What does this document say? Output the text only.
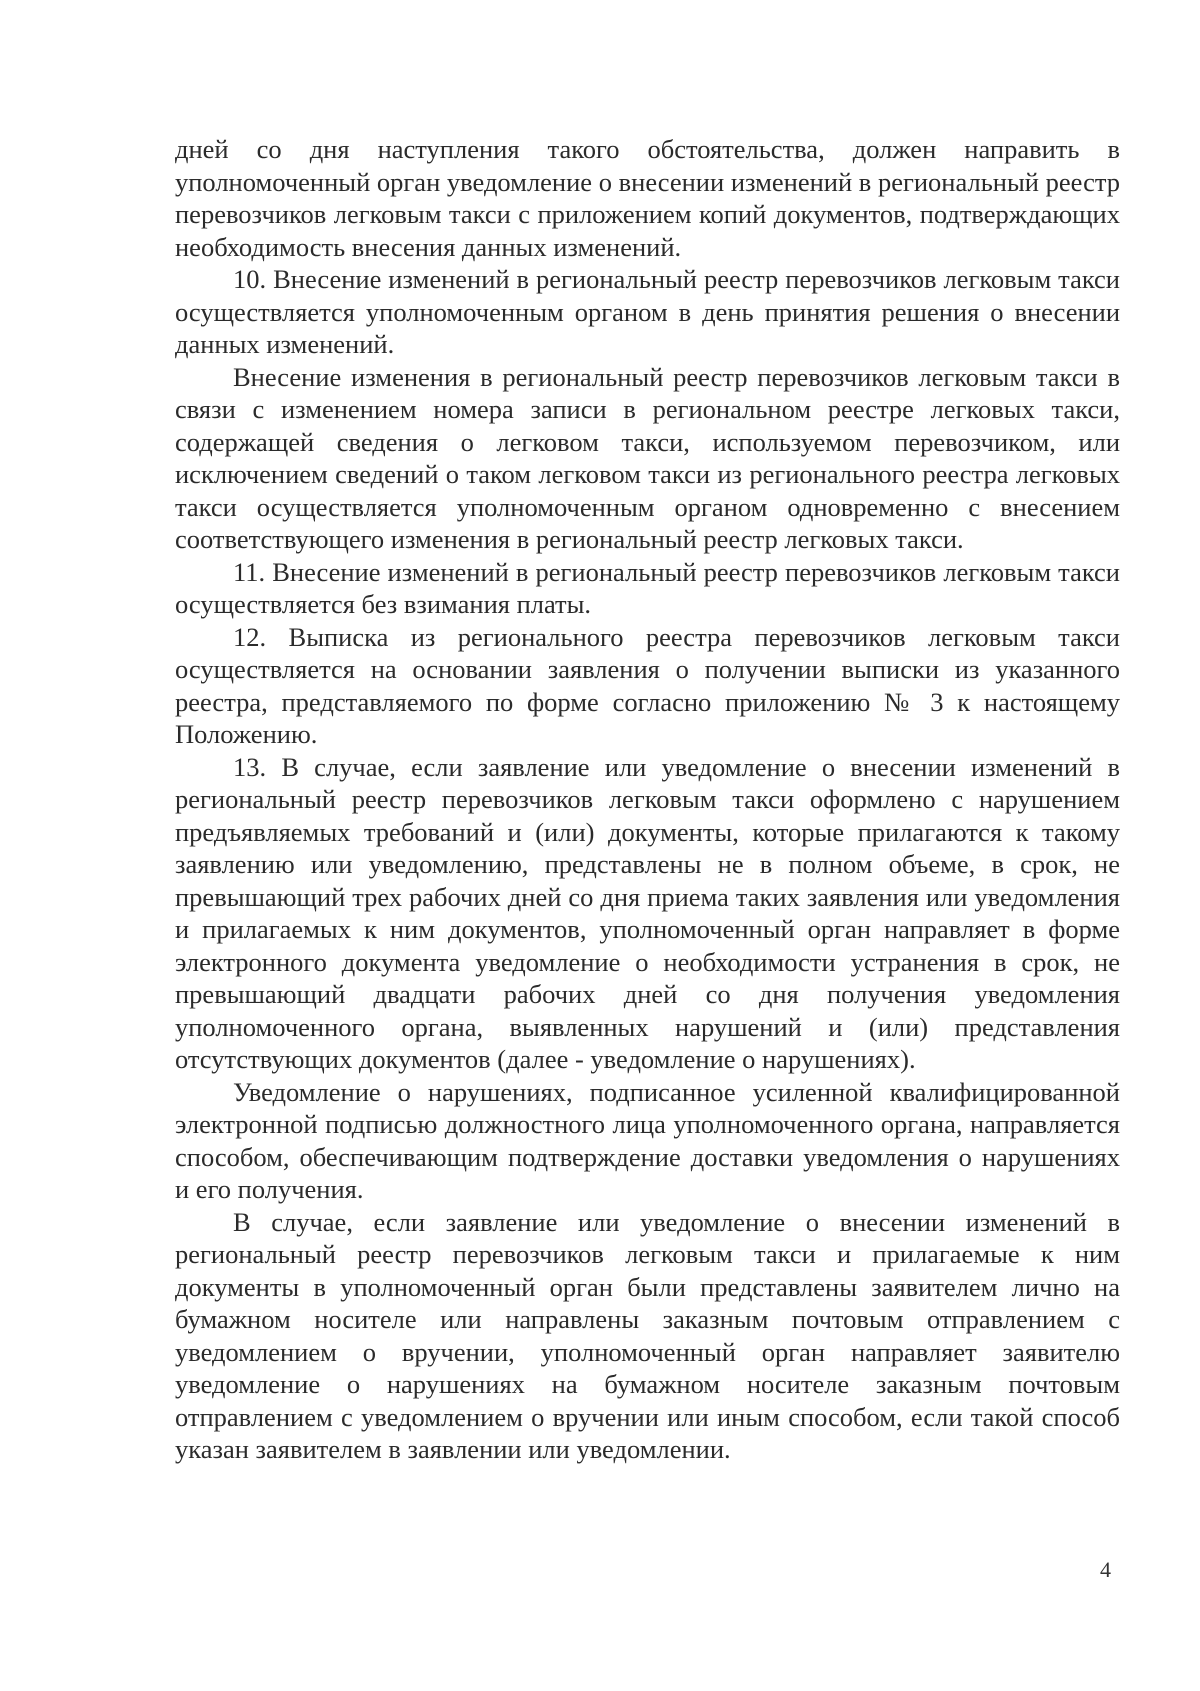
дней со дня наступления такого обстоятельства, должен направить в уполномоченный орган уведомление о внесении изменений в региональный реестр перевозчиков легковым такси с приложением копий документов, подтверждающих необходимость внесения данных изменений.

10. Внесение изменений в региональный реестр перевозчиков легковым такси осуществляется уполномоченным органом в день принятия решения о внесении данных изменений.

Внесение изменения в региональный реестр перевозчиков легковым такси в связи с изменением номера записи в региональном реестре легковых такси, содержащей сведения о легковом такси, используемом перевозчиком, или исключением сведений о таком легковом такси из регионального реестра легковых такси осуществляется уполномоченным органом одновременно с внесением соответствующего изменения в региональный реестр легковых такси.

11. Внесение изменений в региональный реестр перевозчиков легковым такси осуществляется без взимания платы.

12. Выписка из регионального реестра перевозчиков легковым такси осуществляется на основании заявления о получении выписки из указанного реестра, представляемого по форме согласно приложению № 3 к настоящему Положению.

13. В случае, если заявление или уведомление о внесении изменений в региональный реестр перевозчиков легковым такси оформлено с нарушением предъявляемых требований и (или) документы, которые прилагаются к такому заявлению или уведомлению, представлены не в полном объеме, в срок, не превышающий трех рабочих дней со дня приема таких заявления или уведомления и прилагаемых к ним документов, уполномоченный орган направляет в форме электронного документа уведомление о необходимости устранения в срок, не превышающий двадцати рабочих дней со дня получения уведомления уполномоченного органа, выявленных нарушений и (или) представления отсутствующих документов (далее - уведомление о нарушениях).

Уведомление о нарушениях, подписанное усиленной квалифицированной электронной подписью должностного лица уполномоченного органа, направляется способом, обеспечивающим подтверждение доставки уведомления о нарушениях и его получения.

В случае, если заявление или уведомление о внесении изменений в региональный реестр перевозчиков легковым такси и прилагаемые к ним документы в уполномоченный орган были представлены заявителем лично на бумажном носителе или направлены заказным почтовым отправлением с уведомлением о вручении, уполномоченный орган направляет заявителю уведомление о нарушениях на бумажном носителе заказным почтовым отправлением с уведомлением о вручении или иным способом, если такой способ указан заявителем в заявлении или уведомлении.

4
